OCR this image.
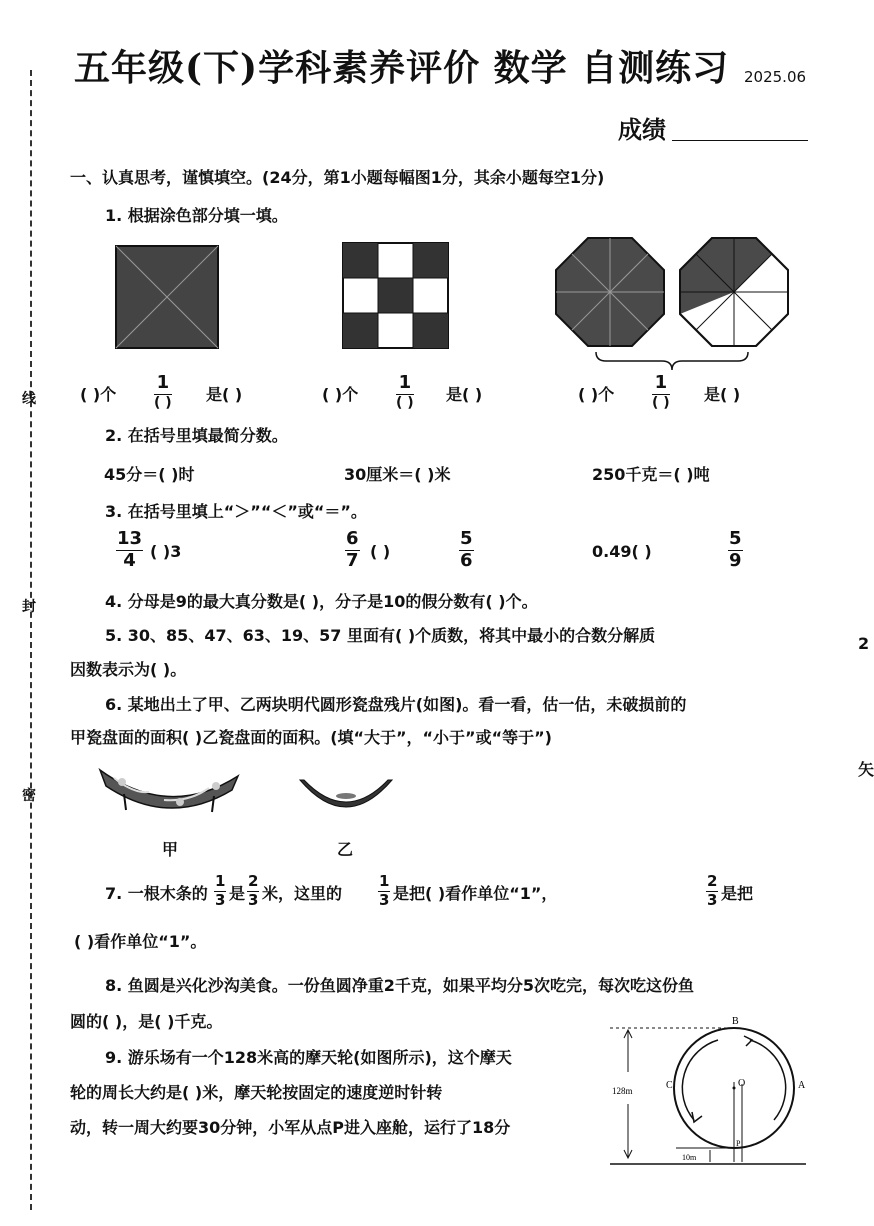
线
封
密
五年级(下)学科素养评价 数学 自测练习 2025.06
成绩
一、认真思考，谨慎填空。(24分，第1小题每幅图1分，其余小题每空1分)
1. 根据涂色部分填一填。
( )个
1
( ) 是( )	( )个
1
( ) 是( )	( )个
1
( ) 是( )
2. 在括号里填最简分数。
45分＝( )时	30厘米＝( )米	250千克＝( )吨
3. 在括号里填上“＞”“＜”或“＝”。
13
4 ( )3
6
7 ( )
5
6	0.49( )
5
9
4. 分母是9的最大真分数是( )，分子是10的假分数有( )个。
5. 30、85、47、63、19、57 里面有( )个质数，将其中最小的合数分解质
因数表示为( )。
6. 某地出土了甲、乙两块明代圆形瓷盘残片(如图)。看一看，估一估，未破损前的
甲瓷盘面的面积( )乙瓷盘面的面积。(填“大于”，“小于”或“等于”)
甲	乙
7. 一根木条的
1
3 是
2
3 米，这里的
1
3 是把( )看作单位“1”，
2
3 是把
( )看作单位“1”。
8. 鱼圆是兴化沙沟美食。一份鱼圆净重2千克，如果平均分5次吃完，每次吃这份鱼
圆的( )，是( )千克。
9. 游乐场有一个128米高的摩天轮(如图所示)，这个摩天
轮的周长大约是( )米，摩天轮按固定的速度逆时针转
动，转一周大约要30分钟，小军从点P进入座舱，运行了18分
B
A
C	O
P
128m
10m
2
矢
